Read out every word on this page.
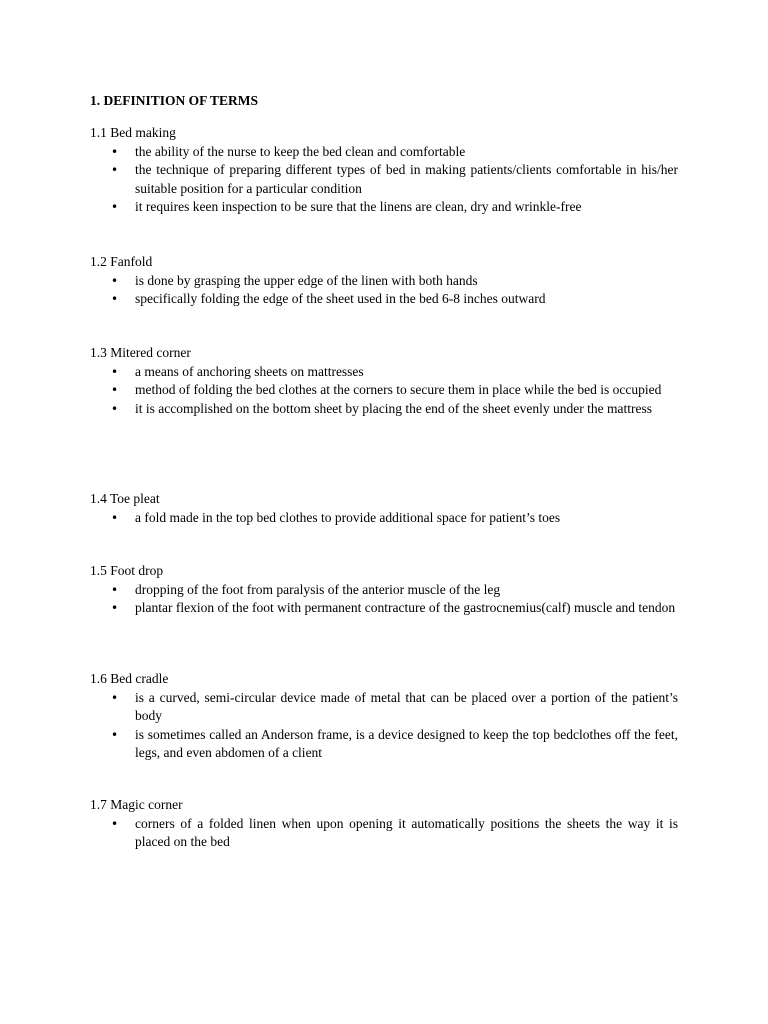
1. DEFINITION OF TERMS
1.1 Bed making
• the ability of the nurse to keep the bed clean and comfortable
• the technique of preparing different types of bed in making patients/clients comfortable in his/her suitable position for a particular condition
• it requires keen inspection to be sure that the linens are clean, dry and wrinkle-free
1.2 Fanfold
• is done by grasping the upper edge of the linen with both hands
• specifically folding the edge of the sheet used in the bed 6-8 inches outward
1.3 Mitered corner
• a means of anchoring sheets on mattresses
• method of folding the bed clothes at the corners to secure them in place while the bed is occupied
• it is accomplished on the bottom sheet by placing the end of the sheet evenly under the mattress
1.4 Toe pleat
• a fold made in the top bed clothes to provide additional space for patient’s toes
1.5 Foot drop
• dropping of the foot from paralysis of the anterior muscle of the leg
• plantar flexion of the foot with permanent contracture of the gastrocnemius(calf) muscle and tendon
1.6 Bed cradle
• is a curved, semi-circular device made of metal that can be placed over a portion of the patient’s body
• is sometimes called an Anderson frame, is a device designed to keep the top bedclothes off the feet, legs, and even abdomen of a client
1.7 Magic corner
• corners of a folded linen when upon opening it automatically positions the sheets the way it is placed on the bed
